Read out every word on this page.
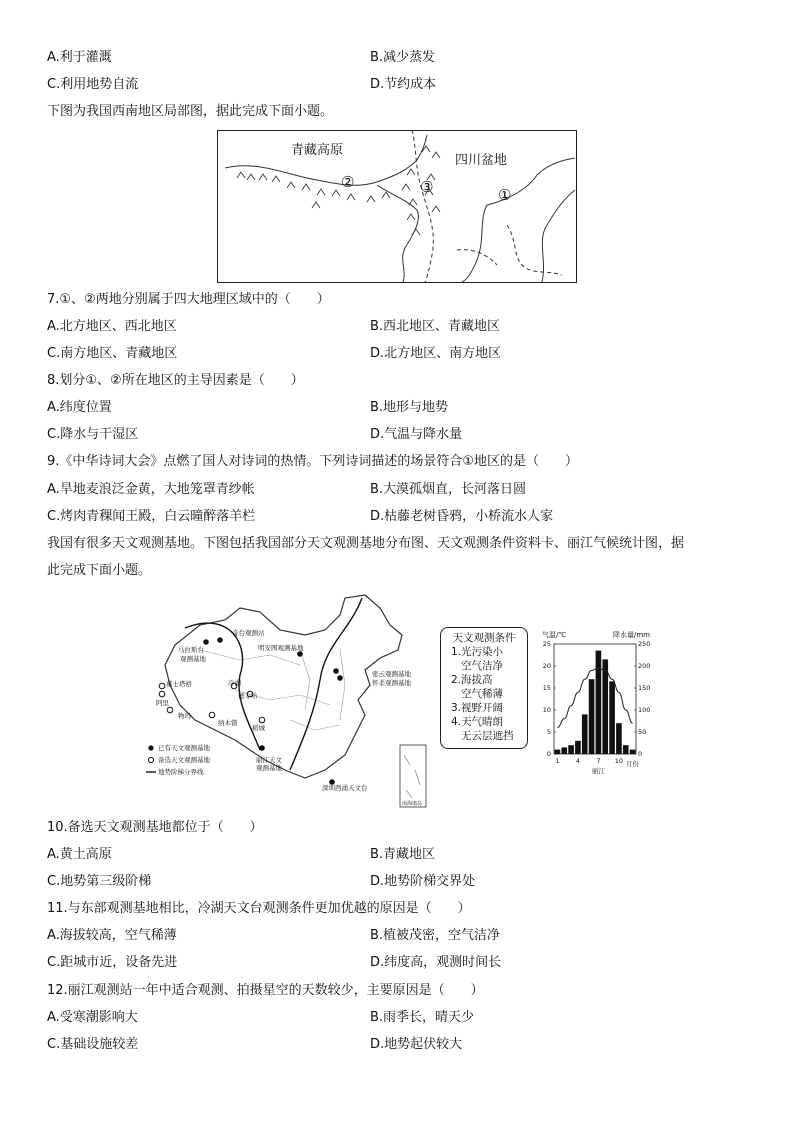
A.利于灌溉	B.减少蒸发
C.利用地势自流	D.节约成本
下图为我国西南地区局部图，据此完成下面小题。
青藏高原
四川盆地
②	③	①
7.①、②两地分别属于四大地理区域中的（　　）
A.北方地区、西北地区	B.西北地区、青藏地区
C.南方地区、青藏地区	D.北方地区、南方地区
8.划分①、②所在地区的主导因素是（　　）
A.纬度位置	B.地形与地势
C.降水与干湿区	D.气温与降水量
9.《中华诗词大会》点燃了国人对诗词的热情。下列诗词描述的场景符合①地区的是（　　）
A.旱地麦浪泛金黄，大地笼罩青纱帐	B.大漠孤烟直，长河落日圆
C.烤肉青稞闻王殿，白云曈醉落羊栏	D.枯藤老树昏鸦，小桥流水人家
我国有很多天文观测基地。下图包括我国部分天文观测基地分布图、天文观测条件资料卡、丽江气候统计图，据
此完成下面小题。
奇台观测站
马拉斯台
观测基地
明安图观测基地
密云观测基地
怀柔观测基地
慕士塔格
阿里
冷湖
德令哈
物玛
纳木错
稻城
丽江天文
观测基地
深圳西涌天文台
已有天文观测基地
备选天文观测基地
地势阶梯分界线
南海诸岛
天文观测条件
1.光污染小
空气洁净
2.海拔高
空气稀薄
3.视野开阔
4.天气晴朗
无云层遮挡
气温/℃	降水量/mm
0
5
10
15
20
25
0
50
100
150
200
250
1	4	7 10 月份
丽江
10.备选天文观测基地都位于（　　）
A.黄土高原	B.青藏地区
C.地势第三级阶梯	D.地势阶梯交界处
11.与东部观测基地相比，冷湖天文台观测条件更加优越的原因是（　　）
A.海拔较高，空气稀薄	B.植被茂密，空气洁净
C.距城市近，设备先进	D.纬度高，观测时间长
12.丽江观测站一年中适合观测、拍摄星空的天数较少，主要原因是（　　）
A.受寒潮影响大	B.雨季长，晴天少
C.基础设施较差	D.地势起伏较大
